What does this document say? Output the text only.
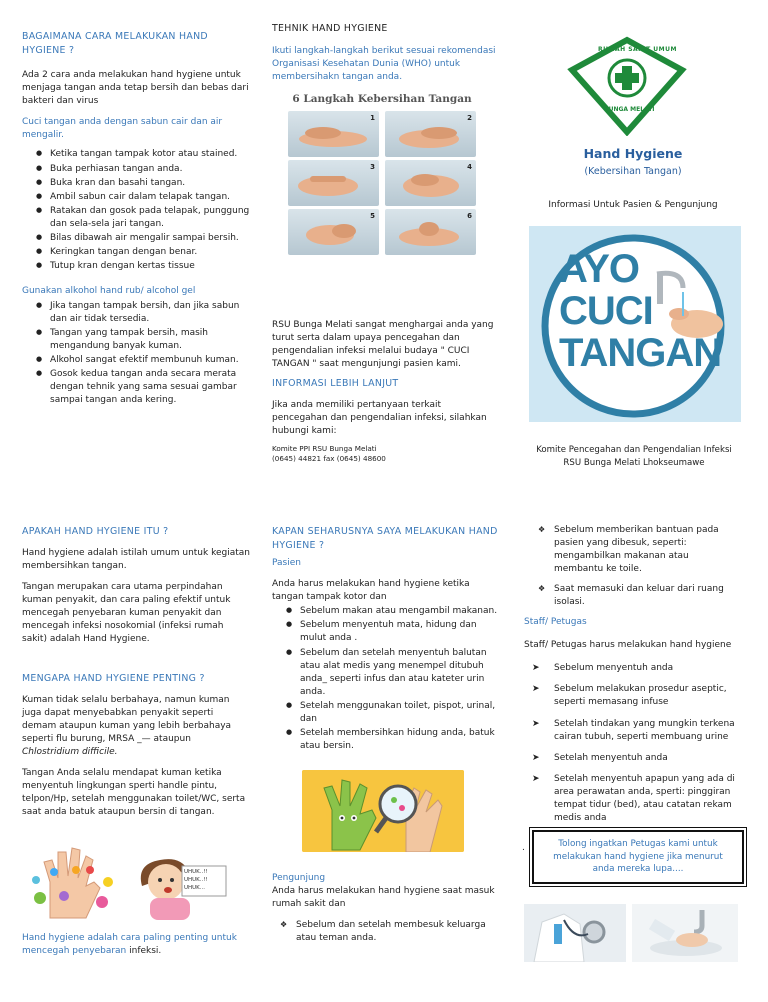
BAGAIMANA CARA MELAKUKAN HAND HYGIENE ?

Ada 2 cara anda melakukan hand hygiene untuk menjaga tangan anda tetap bersih dan bebas dari bakteri dan virus

Cuci tangan anda dengan sabun cair dan air mengalir.

● Ketika tangan tampak kotor atau stained.
● Buka perhiasan tangan anda.
● Buka kran dan basahi tangan.
● Ambil sabun cair dalam telapak tangan.
● Ratakan dan gosok pada telapak, punggung dan sela-sela jari tangan.
● Bilas dibawah air mengalir sampai bersih.
● Keringkan tangan dengan benar.
● Tutup kran dengan kertas tissue

Gunakan alkohol hand rub/ alcohol gel

● Jika tangan tampak bersih, dan jika sabun dan air tidak tersedia.
● Tangan yang tampak bersih, masih mengandung banyak kuman.
● Alkohol sangat efektif membunuh kuman.
● Gosok kedua tangan anda secara merata dengan tehnik yang sama sesuai gambar sampai tangan anda kering.
TEHNIK HAND HYGIENE

Ikuti langkah-langkah berikut sesuai rekomendasi Organisasi Kesehatan Dunia (WHO) untuk membersihakn tangan anda.

6 Langkah Kebersihan Tangan
1	2
3	4
5	6

RSU Bunga Melati sangat menghargai anda yang turut serta dalam upaya pencegahan dan pengendalian infeksi melalui budaya " CUCI TANGAN " saat mengunjungi pasien kami.

INFORMASI LEBIH LANJUT

Jika anda memiliki pertanyaan terkait pencegahan dan pengendalian infeksi, silahkan hubungi kami:

Komite PPI RSU Bunga Melati

(0645) 44821 fax (0645) 48600

RUMAH SAKIT UMUM
BUNGA MELATI
Hand Hygiene
(Kebersihan Tangan)
Informasi Untuk Pasien & Pengunjung
AYO
CUCI
TANGAN
Komite Pencegahan dan Pengendalian Infeksi
RSU Bunga Melati Lhokseumawe
APAKAH HAND HYGIENE ITU ?

Hand hygiene adalah istilah umum untuk kegiatan membersihkan tangan.

Tangan merupakan cara utama perpindahan kuman penyakit, dan cara paling efektif untuk mencegah penyebaran kuman penyakit dan mencegah infeksi nosokomial (infeksi rumah sakit) adalah Hand Hygiene.

MENGAPA HAND HYGIENE PENTING ?

Kuman tidak selalu berbahaya, namun kuman juga dapat menyebabkan penyakit seperti demam ataupun kuman yang lebih berbahaya seperti flu burung, MRSA _— ataupun Chlostridium difficile.

Tangan Anda selalu mendapat kuman ketika menyentuh lingkungan sperti handle pintu, telpon/Hp, setelah menggunakan toilet/WC, serta saat anda batuk ataupun bersin di tangan.

UHUK..!!
UHUK..!!
UHUK...

Hand hygiene adalah cara paling penting untuk mencegah penyebaran infeksi.

KAPAN SEHARUSNYA SAYA MELAKUKAN HAND HYGIENE ?

Pasien

Anda harus melakukan hand hygiene ketika tangan tampak kotor dan

● Sebelum makan atau mengambil makanan.
● Sebelum menyentuh mata, hidung dan mulut anda .
● Sebelum dan setelah menyentuh balutan atau alat medis yang menempel ditubuh anda_ seperti infus dan atau kateter urin anda.
● Setelah menggunakan toilet, pispot, urinal, dan
● Setelah membersihkan hidung anda, batuk atau bersin.

Pengunjung

Anda harus melakukan hand hygiene saat masuk rumah sakit dan

❖ Sebelum dan setelah membesuk keluarga atau teman anda.
❖ Sebelum memberikan bantuan pada pasien yang dibesuk, seperti: mengambilkan makanan atau membantu ke toile.
❖ Saat memasuki dan keluar dari ruang isolasi.

Staff/ Petugas

Staff/ Petugas harus melakukan hand hygiene

➤ Sebelum menyentuh anda
➤ Sebelum melakukan prosedur aseptic, seperti memasang infuse
➤ Setelah tindakan yang mungkin terkena cairan tubuh, seperti membuang urine
➤ Setelah menyentuh anda
➤ Setelah menyentuh apapun yang ada di area perawatan anda, sperti: pinggiran tempat tidur (bed), atau catatan rekam medis anda
.	Tolong ingatkan Petugas kami untuk melakukan hand hygiene jika menurut anda mereka lupa....
